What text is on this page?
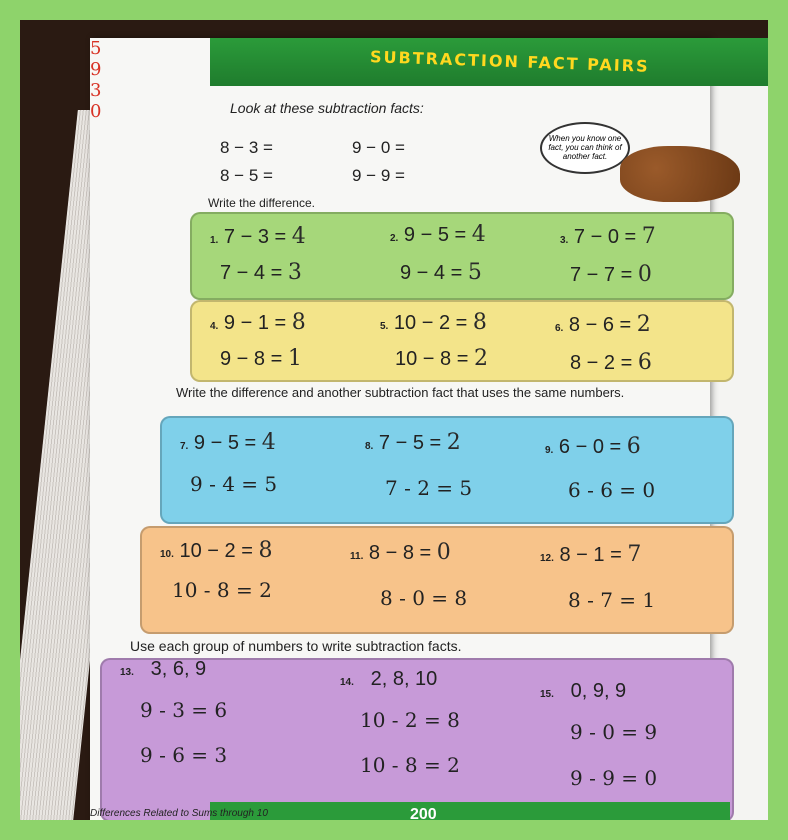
SUBTRACTION FACT PAIRS
Look at these subtraction facts:
8 − 3 =
5
9 − 0 =
9
8 − 5 =
3
9 − 9 =
0
When you know one fact, you can think of another fact.
Write the difference.
1. 7 − 3 = 4
7 − 4 = 3
2. 9 − 5 = 4
9 − 4 = 5
3. 7 − 0 = 7
7 − 7 = 0
4. 9 − 1 = 8
9 − 8 = 1
5. 10 − 2 = 8
10 − 8 = 2
6. 8 − 6 = 2
8 − 2 = 6
Write the difference and another subtraction fact that uses the same numbers.
7. 9 − 5 = 4
9 - 4 = 5
8. 7 − 5 = 2
7 - 2 = 5
9. 6 − 0 = 6
6 - 6 = 0
10. 10 − 2 = 8
10 - 8 = 2
11. 8 − 8 = 0
8 - 0 = 8
12. 8 − 1 = 7
8 - 7 = 1
Use each group of numbers to write subtraction facts.
13. 3, 6, 9
9 - 3 = 6
9 - 6 = 3
14. 2, 8, 10
10 - 2 = 8
10 - 8 = 2
15. 0, 9, 9
9 - 0 = 9
9 - 9 = 0
Differences Related to Sums through 10	200
